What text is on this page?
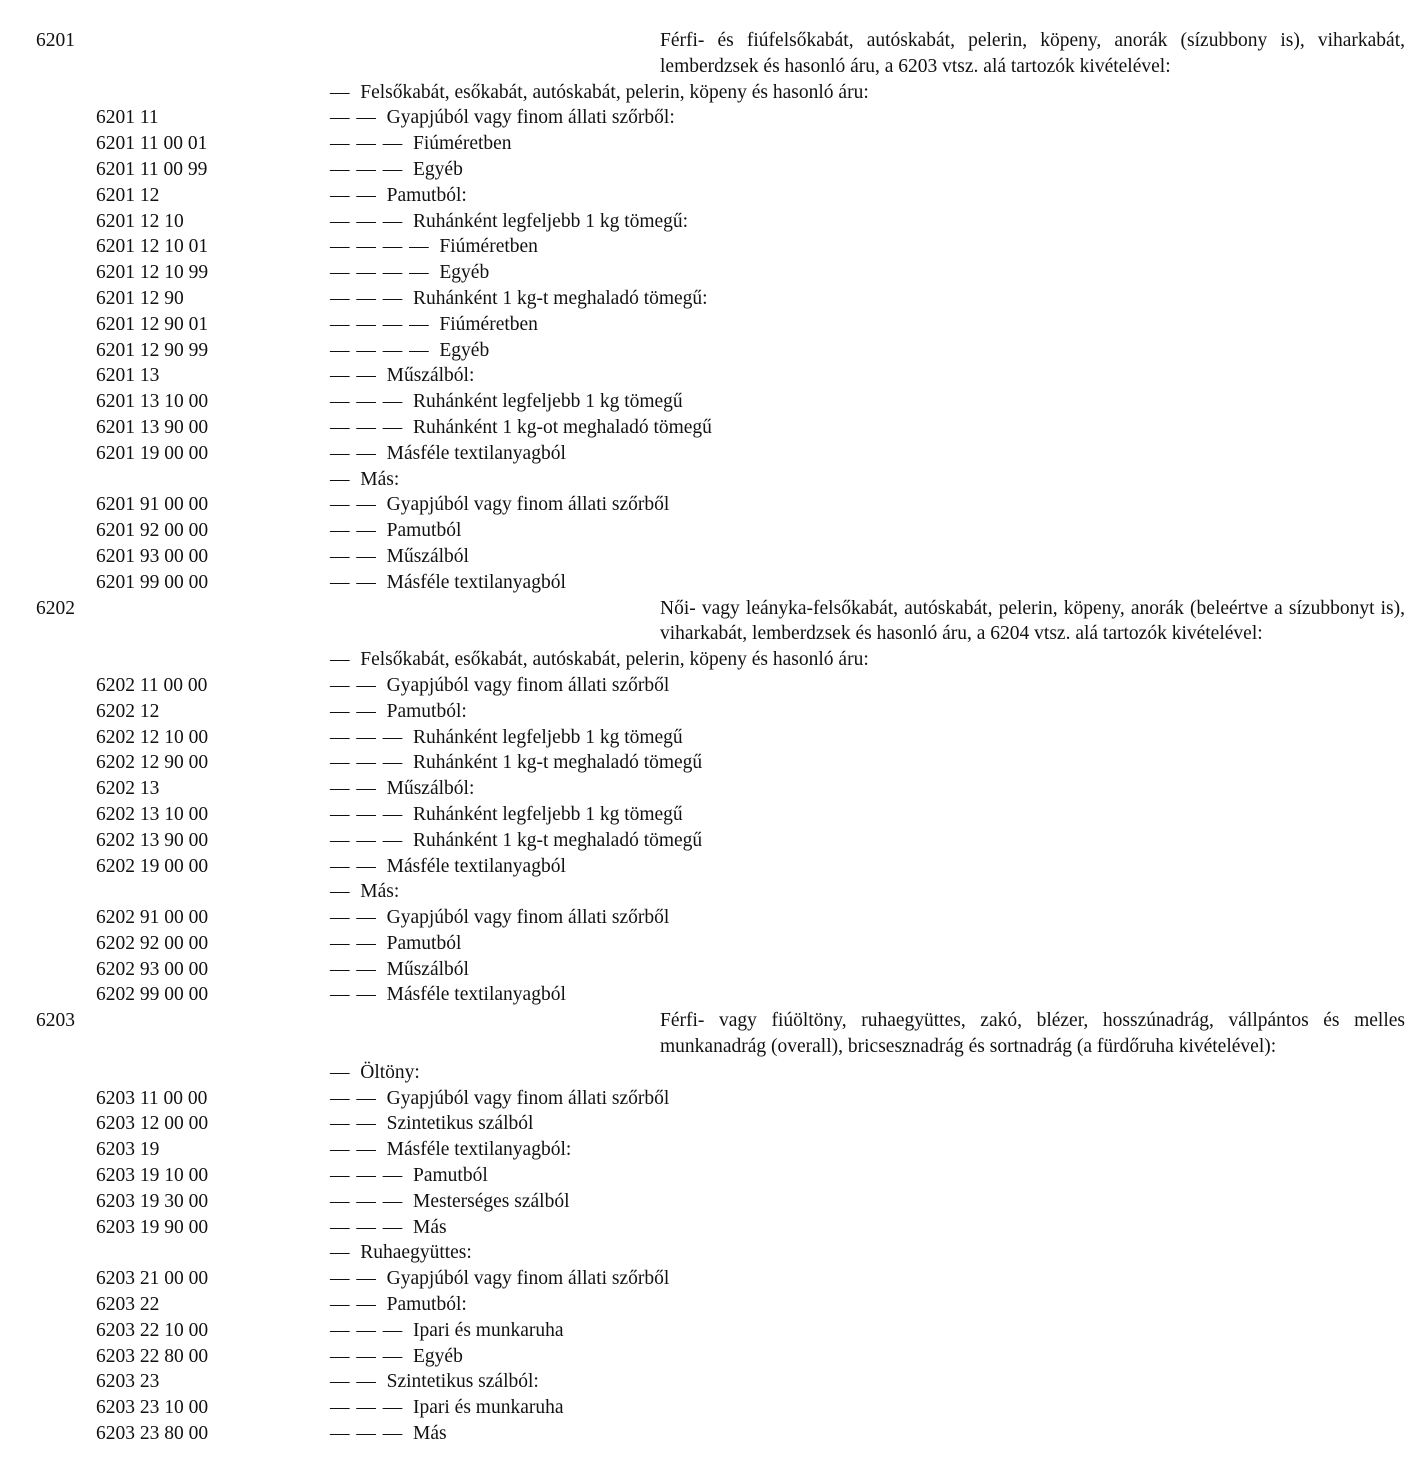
6201	Férfi- és fiúfelsőkabát, autóskabát, pelerin, köpeny, anorák (sízubbony is), viharkabát, lemberdzsek és hasonló áru, a 6203 vtsz. alá tartozók kivételével:
— Felsőkabát, esőkabát, autóskabát, pelerin, köpeny és hasonló áru:
6201 11	— — Gyapjúból vagy finom állati szőrből:
6201 11 00 01	— — — Fiúméretben
6201 11 00 99	— — — Egyéb
6201 12	— — Pamutból:
6201 12 10	— — — Ruhánként legfeljebb 1 kg tömegű:
6201 12 10 01	— — — — Fiúméretben
6201 12 10 99	— — — — Egyéb
6201 12 90	— — — Ruhánként 1 kg-t meghaladó tömegű:
6201 12 90 01	— — — — Fiúméretben
6201 12 90 99	— — — — Egyéb
6201 13	— — Műszálból:
6201 13 10 00	— — — Ruhánként legfeljebb 1 kg tömegű
6201 13 90 00	— — — Ruhánként 1 kg-ot meghaladó tömegű
6201 19 00 00	— — Másféle textilanyagból
— Más:
6201 91 00 00	— — Gyapjúból vagy finom állati szőrből
6201 92 00 00	— — Pamutból
6201 93 00 00	— — Műszálból
6201 99 00 00	— — Másféle textilanyagból
6202	Női- vagy leányka-felsőkabát, autóskabát, pelerin, köpeny, anorák (beleértve a sízubbonyt is), viharkabát, lemberdzsek és hasonló áru, a 6204 vtsz. alá tartozók kivételével:
— Felsőkabát, esőkabát, autóskabát, pelerin, köpeny és hasonló áru:
6202 11 00 00	— — Gyapjúból vagy finom állati szőrből
6202 12	— — Pamutból:
6202 12 10 00	— — — Ruhánként legfeljebb 1 kg tömegű
6202 12 90 00	— — — Ruhánként 1 kg-t meghaladó tömegű
6202 13	— — Műszálból:
6202 13 10 00	— — — Ruhánként legfeljebb 1 kg tömegű
6202 13 90 00	— — — Ruhánként 1 kg-t meghaladó tömegű
6202 19 00 00	— — Másféle textilanyagból
— Más:
6202 91 00 00	— — Gyapjúból vagy finom állati szőrből
6202 92 00 00	— — Pamutból
6202 93 00 00	— — Műszálból
6202 99 00 00	— — Másféle textilanyagból
6203	Férfi- vagy fiúöltöny, ruhaegyüttes, zakó, blézer, hosszúnadrág, vállpántos és melles munkanadrág (overall), bricsesznadrág és sortnadrág (a fürdőruha kivételével):
— Öltöny:
6203 11 00 00	— — Gyapjúból vagy finom állati szőrből
6203 12 00 00	— — Szintetikus szálból
6203 19	— — Másféle textilanyagból:
6203 19 10 00	— — — Pamutból
6203 19 30 00	— — — Mesterséges szálból
6203 19 90 00	— — — Más
— Ruhaegyüttes:
6203 21 00 00	— — Gyapjúból vagy finom állati szőrből
6203 22	— — Pamutból:
6203 22 10 00	— — — Ipari és munkaruha
6203 22 80 00	— — — Egyéb
6203 23	— — Szintetikus szálból:
6203 23 10 00	— — — Ipari és munkaruha
6203 23 80 00	— — — Más
